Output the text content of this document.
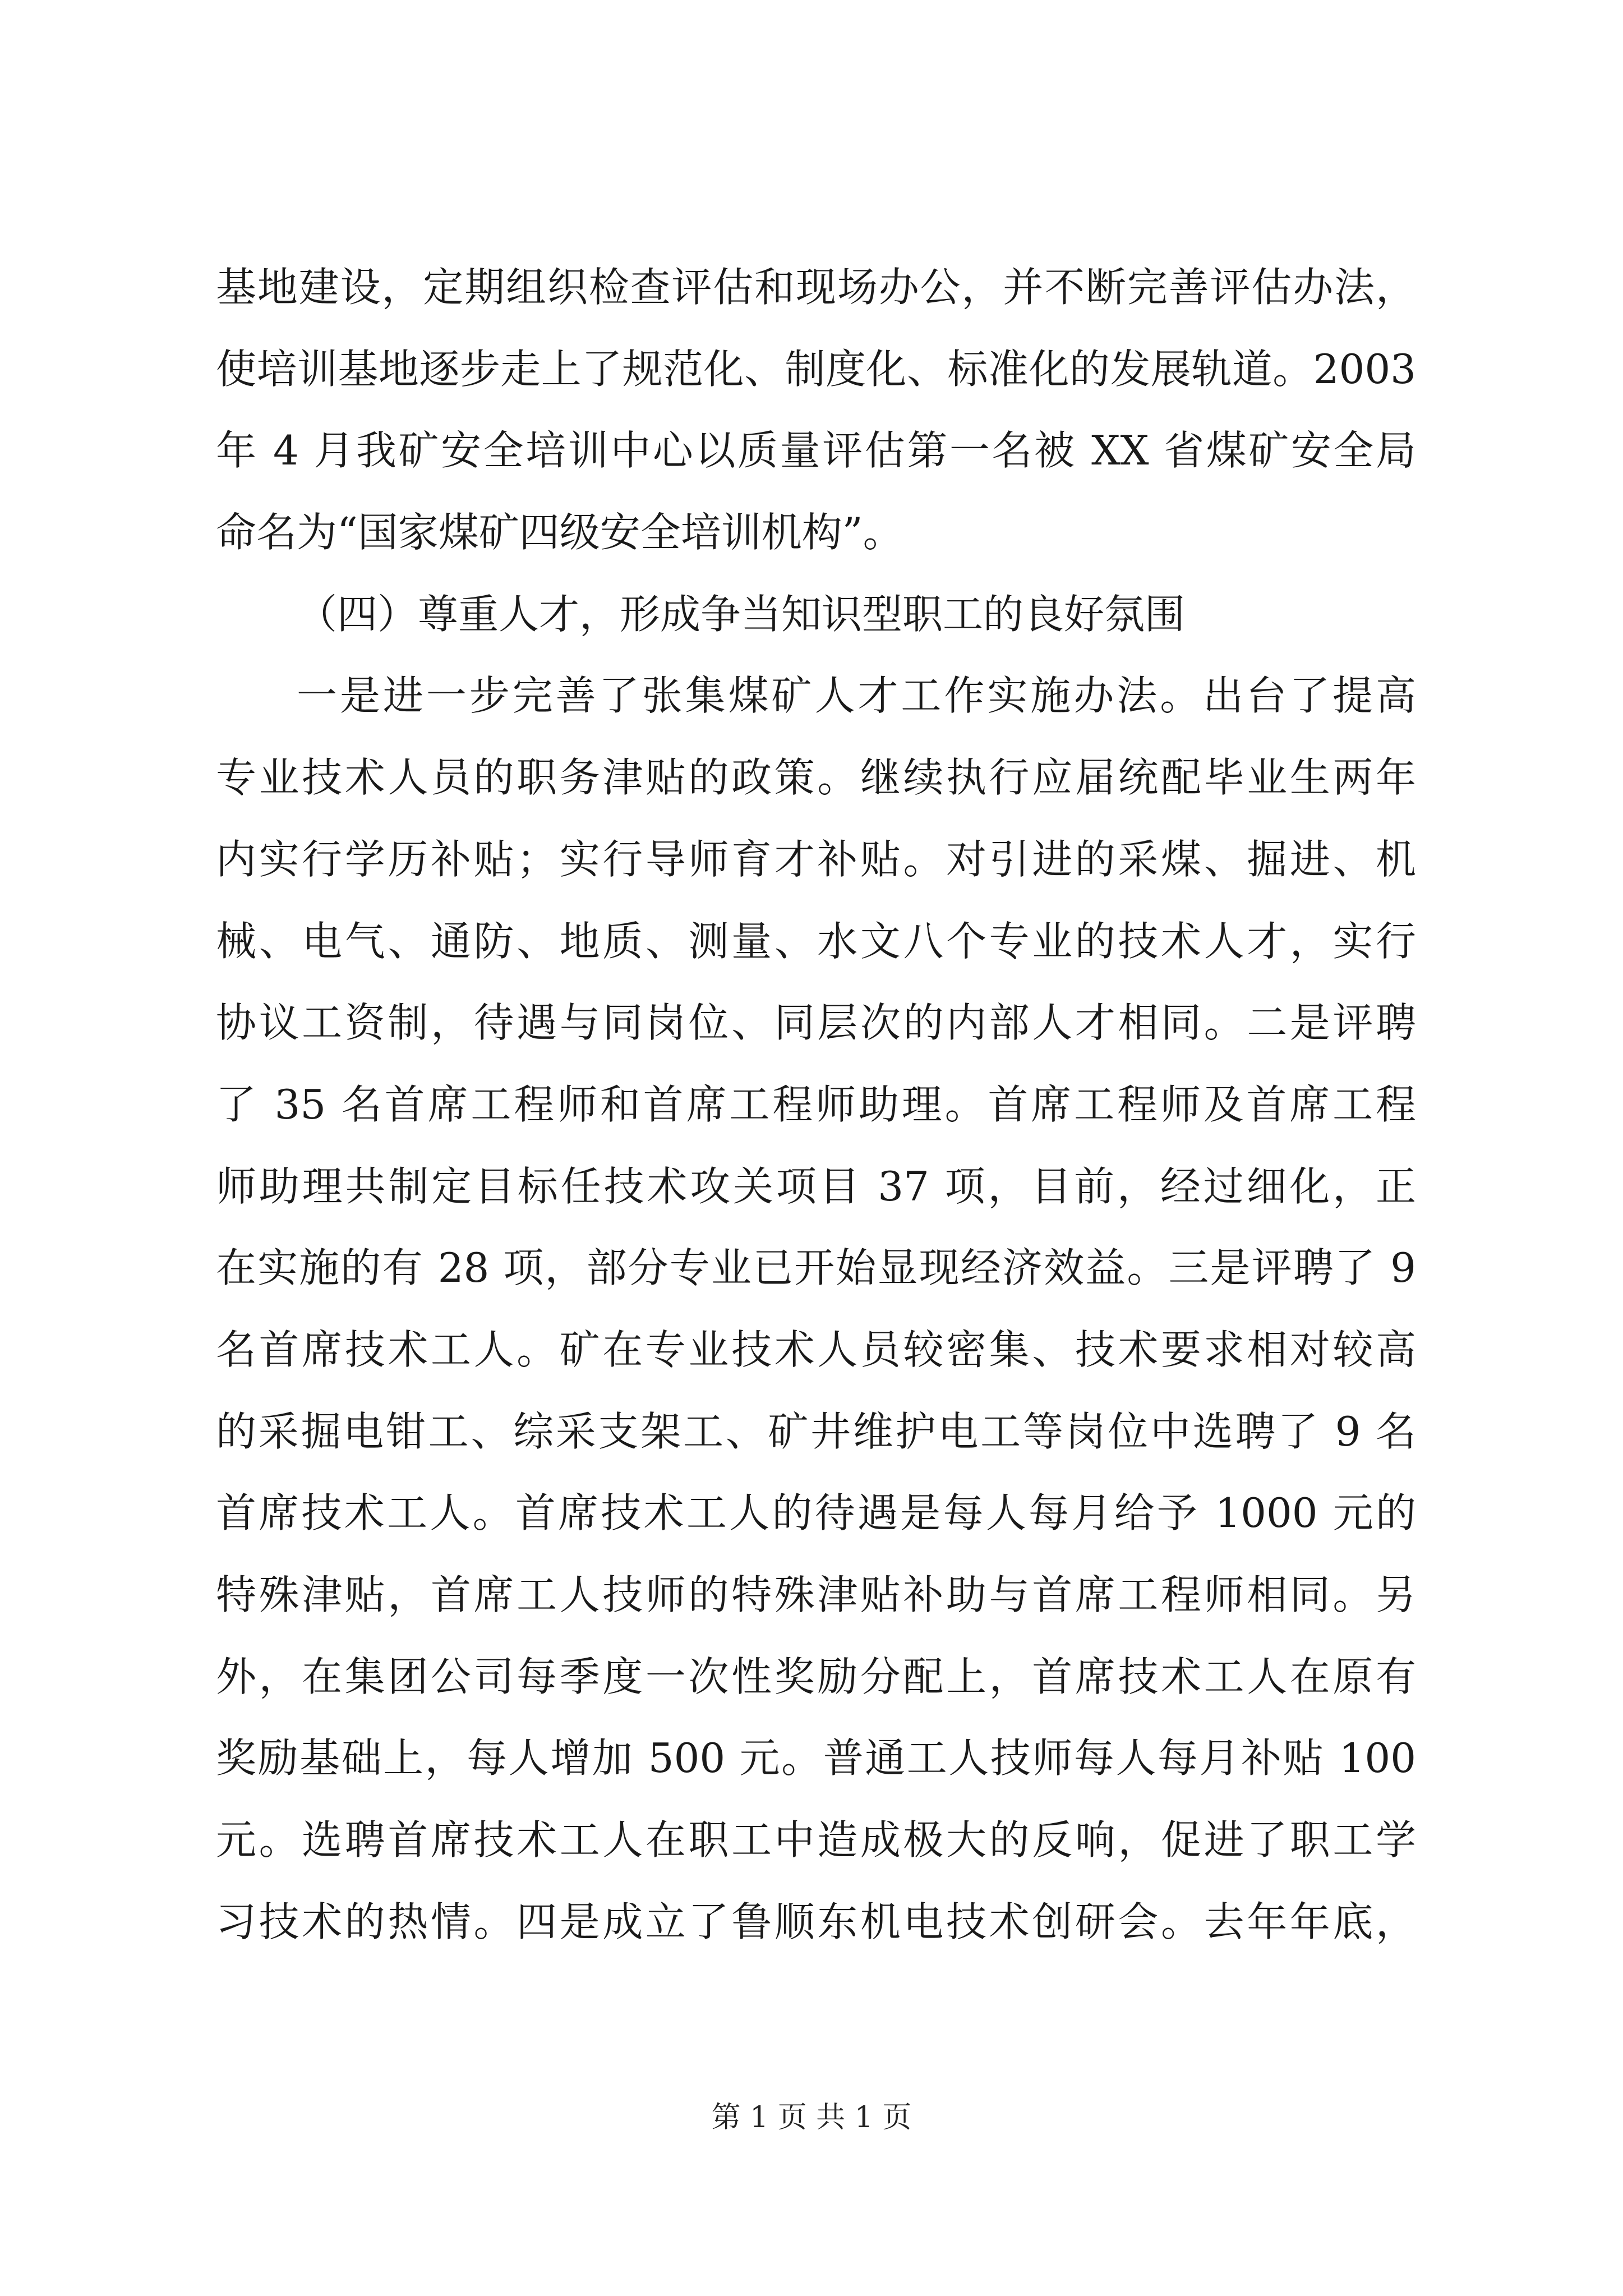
基地建设，定期组织检查评估和现场办公，并不断完善评估办法，
使培训基地逐步走上了规范化、制度化、标准化的发展轨道。2003
年 4 月我矿安全培训中心以质量评估第一名被 XX 省煤矿安全局
命名为“国家煤矿四级安全培训机构”。
（四）尊重人才，形成争当知识型职工的良好氛围
一是进一步完善了张集煤矿人才工作实施办法。出台了提高
专业技术人员的职务津贴的政策。继续执行应届统配毕业生两年
内实行学历补贴；实行导师育才补贴。对引进的采煤、掘进、机
械、电气、通防、地质、测量、水文八个专业的技术人才，实行
协议工资制，待遇与同岗位、同层次的内部人才相同。二是评聘
了 35 名首席工程师和首席工程师助理。首席工程师及首席工程
师助理共制定目标任技术攻关项目 37 项，目前，经过细化，正
在实施的有 28 项，部分专业已开始显现经济效益。三是评聘了 9
名首席技术工人。矿在专业技术人员较密集、技术要求相对较高
的采掘电钳工、综采支架工、矿井维护电工等岗位中选聘了 9 名
首席技术工人。首席技术工人的待遇是每人每月给予 1000 元的
特殊津贴，首席工人技师的特殊津贴补助与首席工程师相同。另
外，在集团公司每季度一次性奖励分配上，首席技术工人在原有
奖励基础上，每人增加 500 元。普通工人技师每人每月补贴 100
元。选聘首席技术工人在职工中造成极大的反响，促进了职工学
习技术的热情。四是成立了鲁顺东机电技术创研会。去年年底，
第 1 页 共 1 页
